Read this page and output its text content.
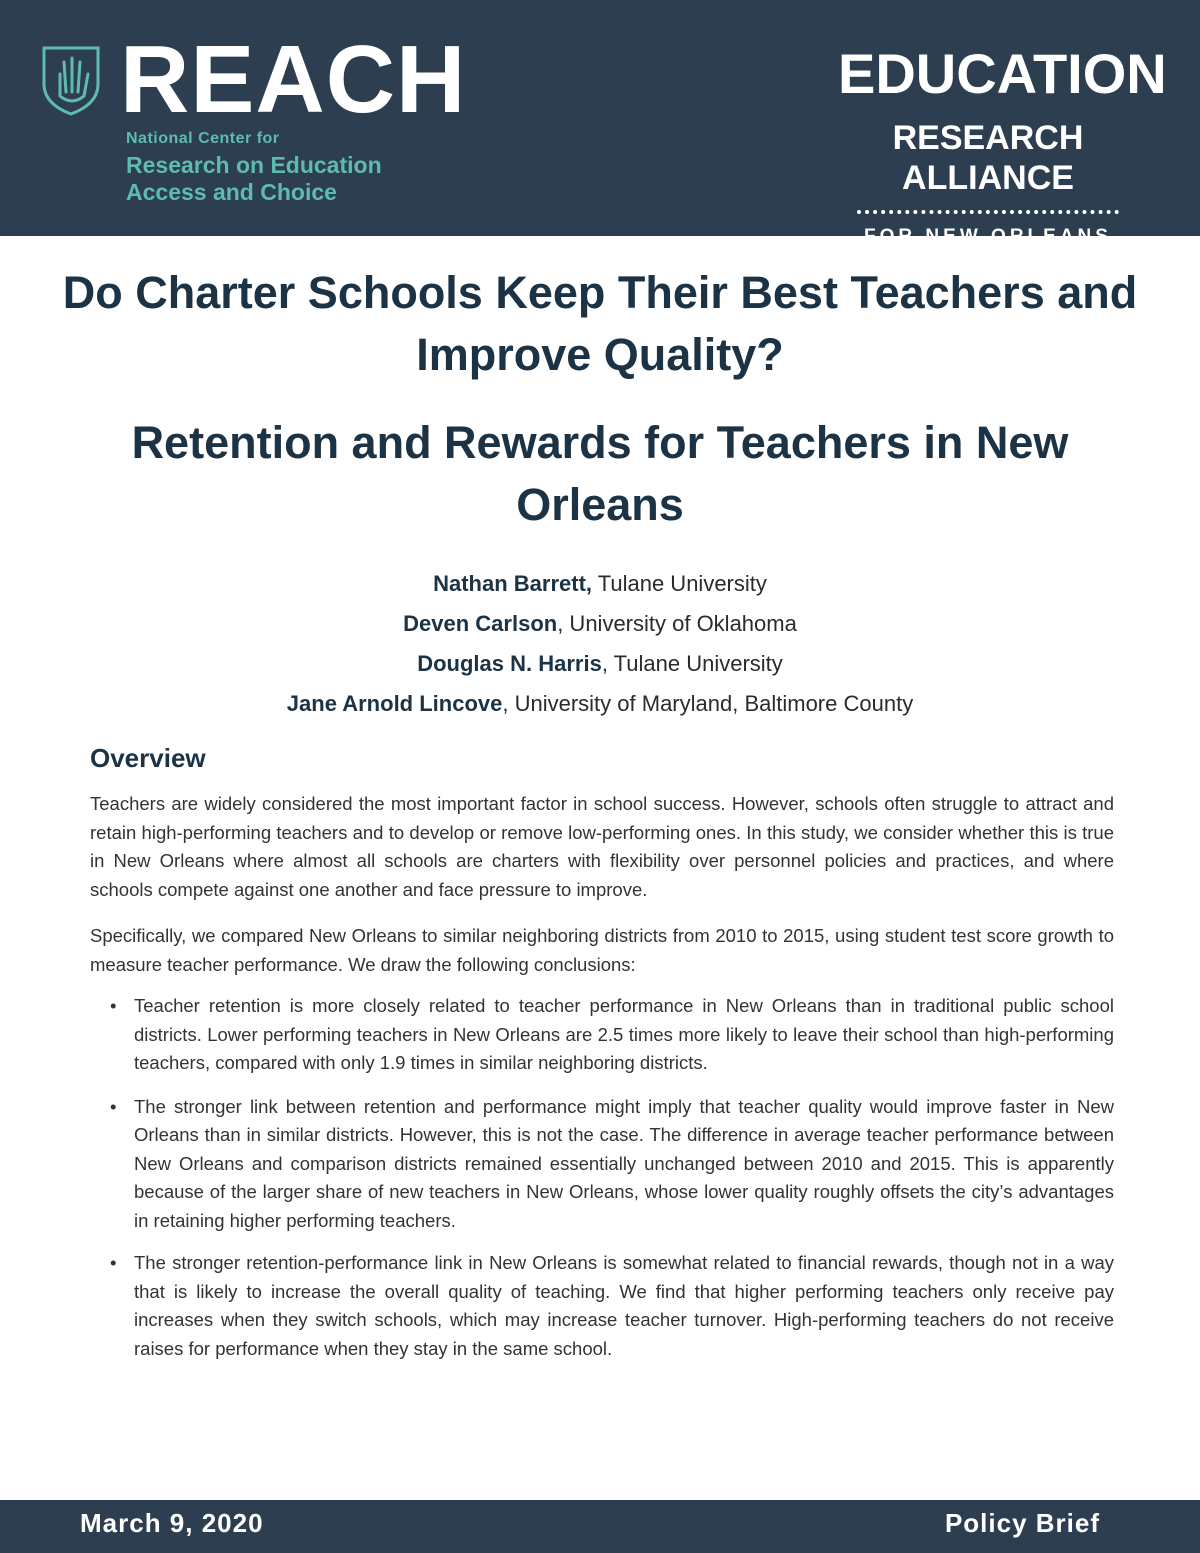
REACH
National Center for
Research on Education
Access and Choice
EDUCATION
RESEARCH ALLIANCE
FOR NEW ORLEANS
Do Charter Schools Keep Their Best Teachers and Improve Quality?
Retention and Rewards for Teachers in New Orleans
Nathan Barrett, Tulane University
Deven Carlson, University of Oklahoma
Douglas N. Harris, Tulane University
Jane Arnold Lincove, University of Maryland, Baltimore County
Overview

Teachers are widely considered the most important factor in school success. However, schools often struggle to attract and retain high-performing teachers and to develop or remove low-performing ones. In this study, we consider whether this is true in New Orleans where almost all schools are charters with flexibility over personnel policies and practices, and where schools compete against one another and face pressure to improve.

Specifically, we compared New Orleans to similar neighboring districts from 2010 to 2015, using student test score growth to measure teacher performance. We draw the following conclusions:

• Teacher retention is more closely related to teacher performance in New Orleans than in traditional public school districts. Lower performing teachers in New Orleans are 2.5 times more likely to leave their school than high-performing teachers, compared with only 1.9 times in similar neighboring districts.
• The stronger link between retention and performance might imply that teacher quality would improve faster in New Orleans than in similar districts. However, this is not the case. The difference in average teacher performance between New Orleans and comparison districts remained essentially unchanged between 2010 and 2015. This is apparently because of the larger share of new teachers in New Orleans, whose lower quality roughly offsets the city’s advantages in retaining higher performing teachers.
• The stronger retention-performance link in New Orleans is somewhat related to financial rewards, though not in a way that is likely to increase the overall quality of teaching. We find that higher performing teachers only receive pay increases when they switch schools, which may increase teacher turnover. High-performing teachers do not receive raises for performance when they stay in the same school.
March 9, 2020	Policy Brief
